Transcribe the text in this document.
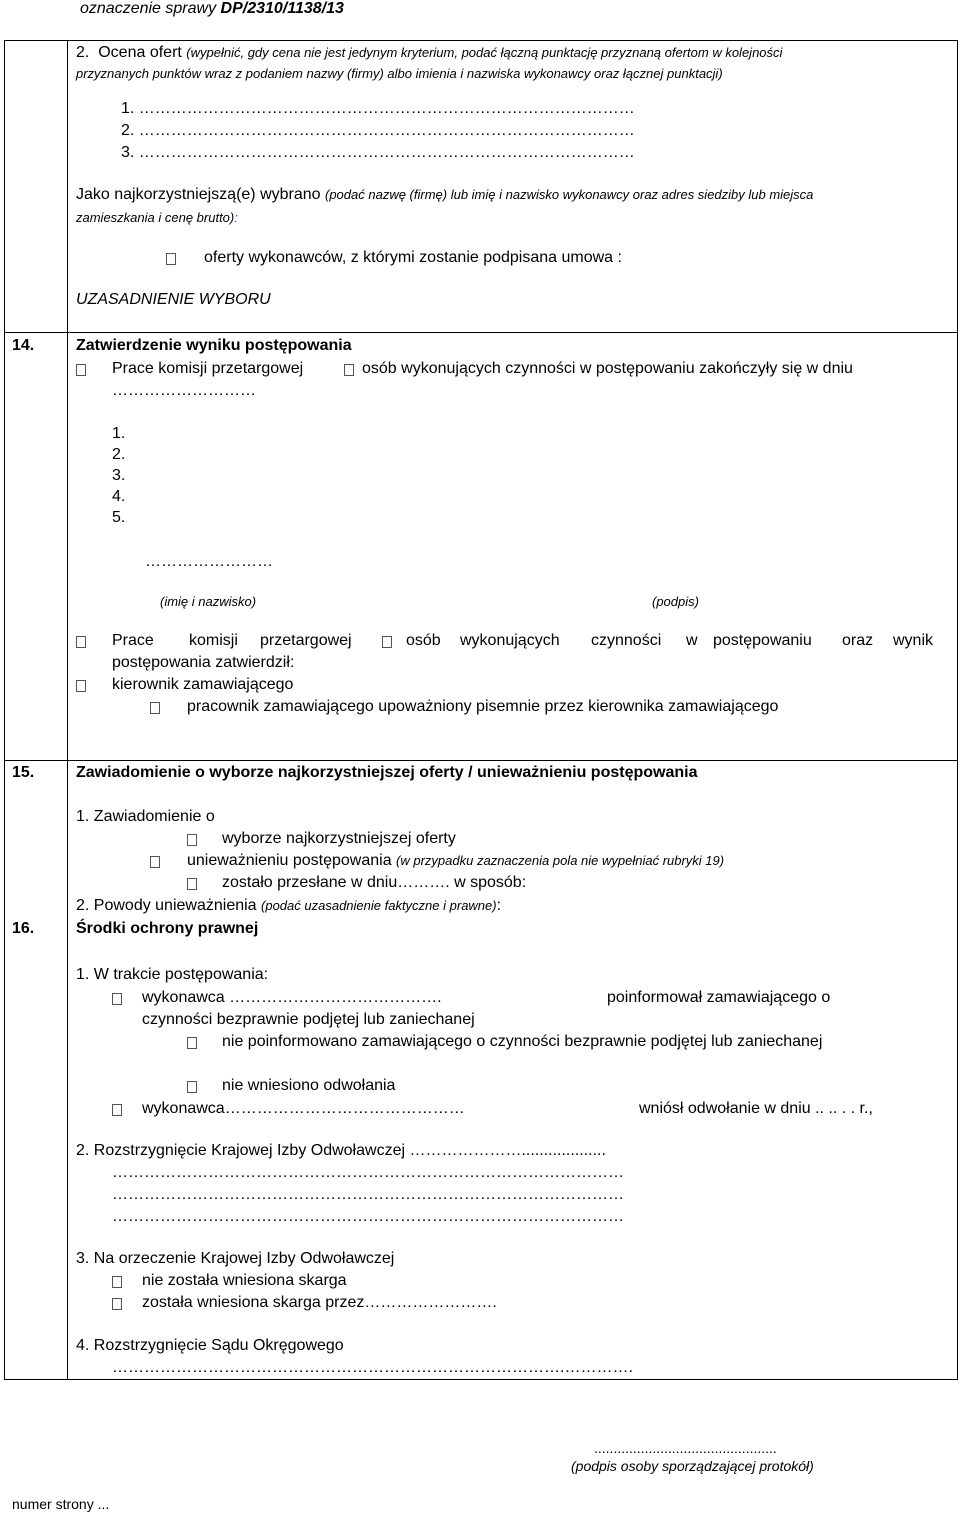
oznaczenie sprawy DP/2310/1138/13
2. Ocena ofert (wypełnić, gdy cena nie jest jedynym kryterium, podać łączną punktację przyznaną ofertom w kolejności
przyznanych punktów wraz z podaniem nazwy (firmy) albo imienia i nazwiska wykonawcy oraz łącznej punktacji)
1. …………………………………………………………………………………
2. …………………………………………………………………………………
3. …………………………………………………………………………………
Jako najkorzystniejszą(e) wybrano (podać nazwę (firmę) lub imię i nazwisko wykonawcy oraz adres siedziby lub miejsca
zamieszkania i cenę brutto):
oferty wykonawców, z którymi zostanie podpisana umowa :
UZASADNIENIE WYBORU
14.	Zatwierdzenie wyniku postępowania
Prace komisji przetargowej	osób wykonujących czynności w postępowaniu zakończyły się w dniu
………………………
1.
2.
3.
4.
5.
……………………
(imię i nazwisko)	(podpis)
Prace komisji przetargowej	osób wykonujących czynności w postępowaniu oraz wynik
postępowania zatwierdził:
kierownik zamawiającego
pracownik zamawiającego upoważniony pisemnie przez kierownika zamawiającego
15.	Zawiadomienie o wyborze najkorzystniejszej oferty / unieważnieniu postępowania
1. Zawiadomienie o
wyborze najkorzystniejszej oferty
unieważnieniu postępowania (w przypadku zaznaczenia pola nie wypełniać rubryki 19)
zostało przesłane w dniu………. w sposób:
2. Powody unieważnienia (podać uzasadnienie faktyczne i prawne):
16.	Środki ochrony prawnej
1. W trakcie postępowania:
wykonawca ………………………………….	poinformował zamawiającego o
czynności bezprawnie podjętej lub zaniechanej
nie poinformowano zamawiającego o czynności bezprawnie podjętej lub zaniechanej
nie wniesiono odwołania
wykonawca………………………………………	wniósł odwołanie w dniu .. .. . . r.,
2. Rozstrzygnięcie Krajowej Izby Odwoławczej …………………...................
……………………………………………………………………………………
……………………………………………………………………………………
……………………………………………………………………………………
3. Na orzeczenie Krajowej Izby Odwoławczej
nie została wniesiona skarga
została wniesiona skarga przez…………………….
4. Rozstrzygnięcie Sądu Okręgowego
………………………………………………………………………….………….
...............................................
(podpis osoby sporządzającej protokół)
numer strony ...
